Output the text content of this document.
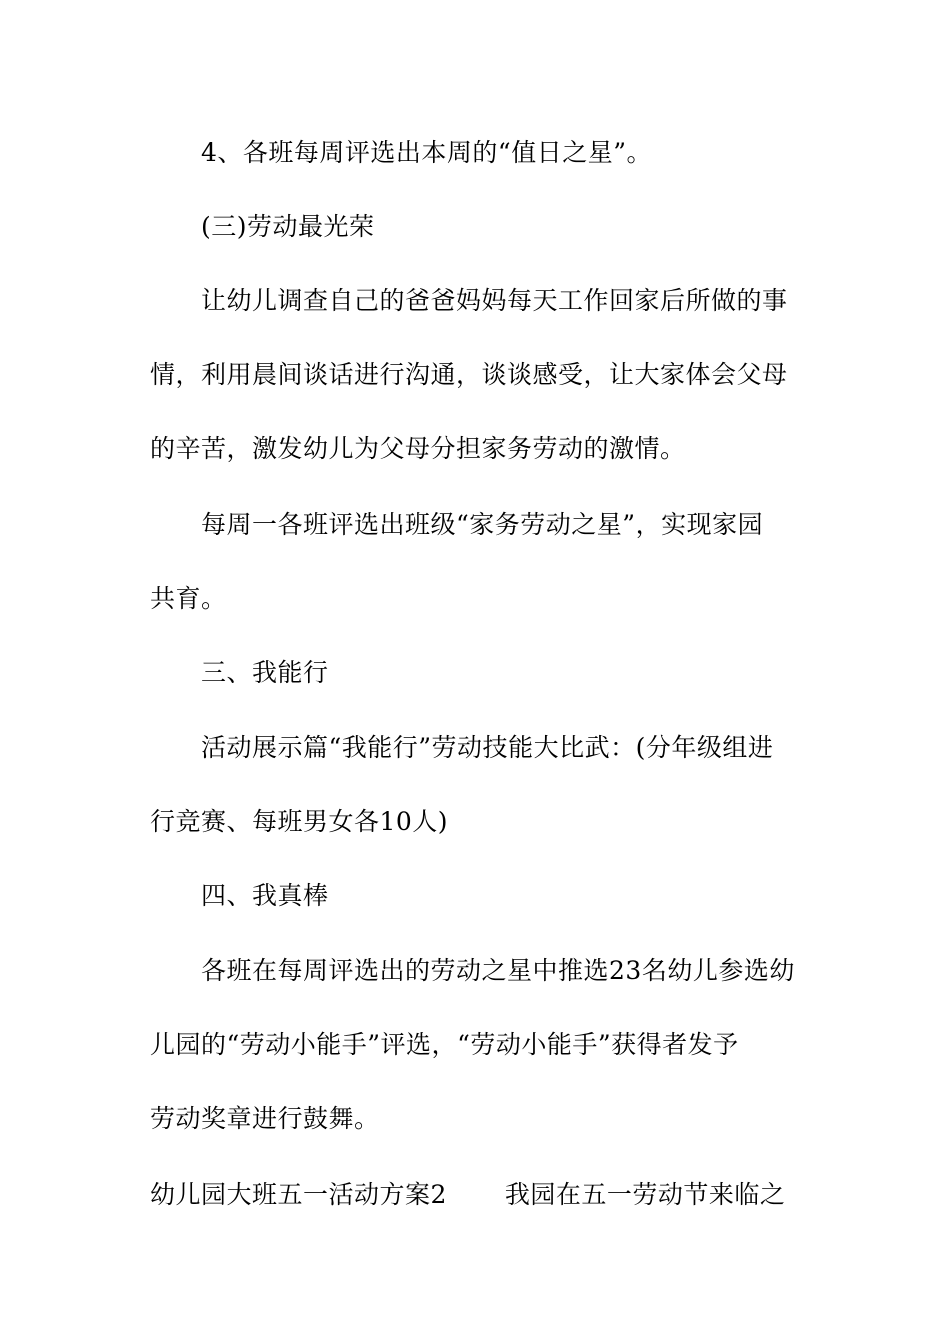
4、各班每周评选出本周的“值日之星”。
(三)劳动最光荣
让幼儿调查自己的爸爸妈妈每天工作回家后所做的事
情，利用晨间谈话进行沟通，谈谈感受，让大家体会父母
的辛苦，激发幼儿为父母分担家务劳动的激情。
每周一各班评选出班级“家务劳动之星”，实现家园
共育。
三、我能行
活动展示篇“我能行”劳动技能大比武：(分年级组进
行竞赛、每班男女各10人)
四、我真棒
各班在每周评选出的劳动之星中推选23名幼儿参选幼
儿园的“劳动小能手”评选，“劳动小能手”获得者发予
劳动奖章进行鼓舞。
幼儿园大班五一活动方案2 我园在五一劳动节来临之
